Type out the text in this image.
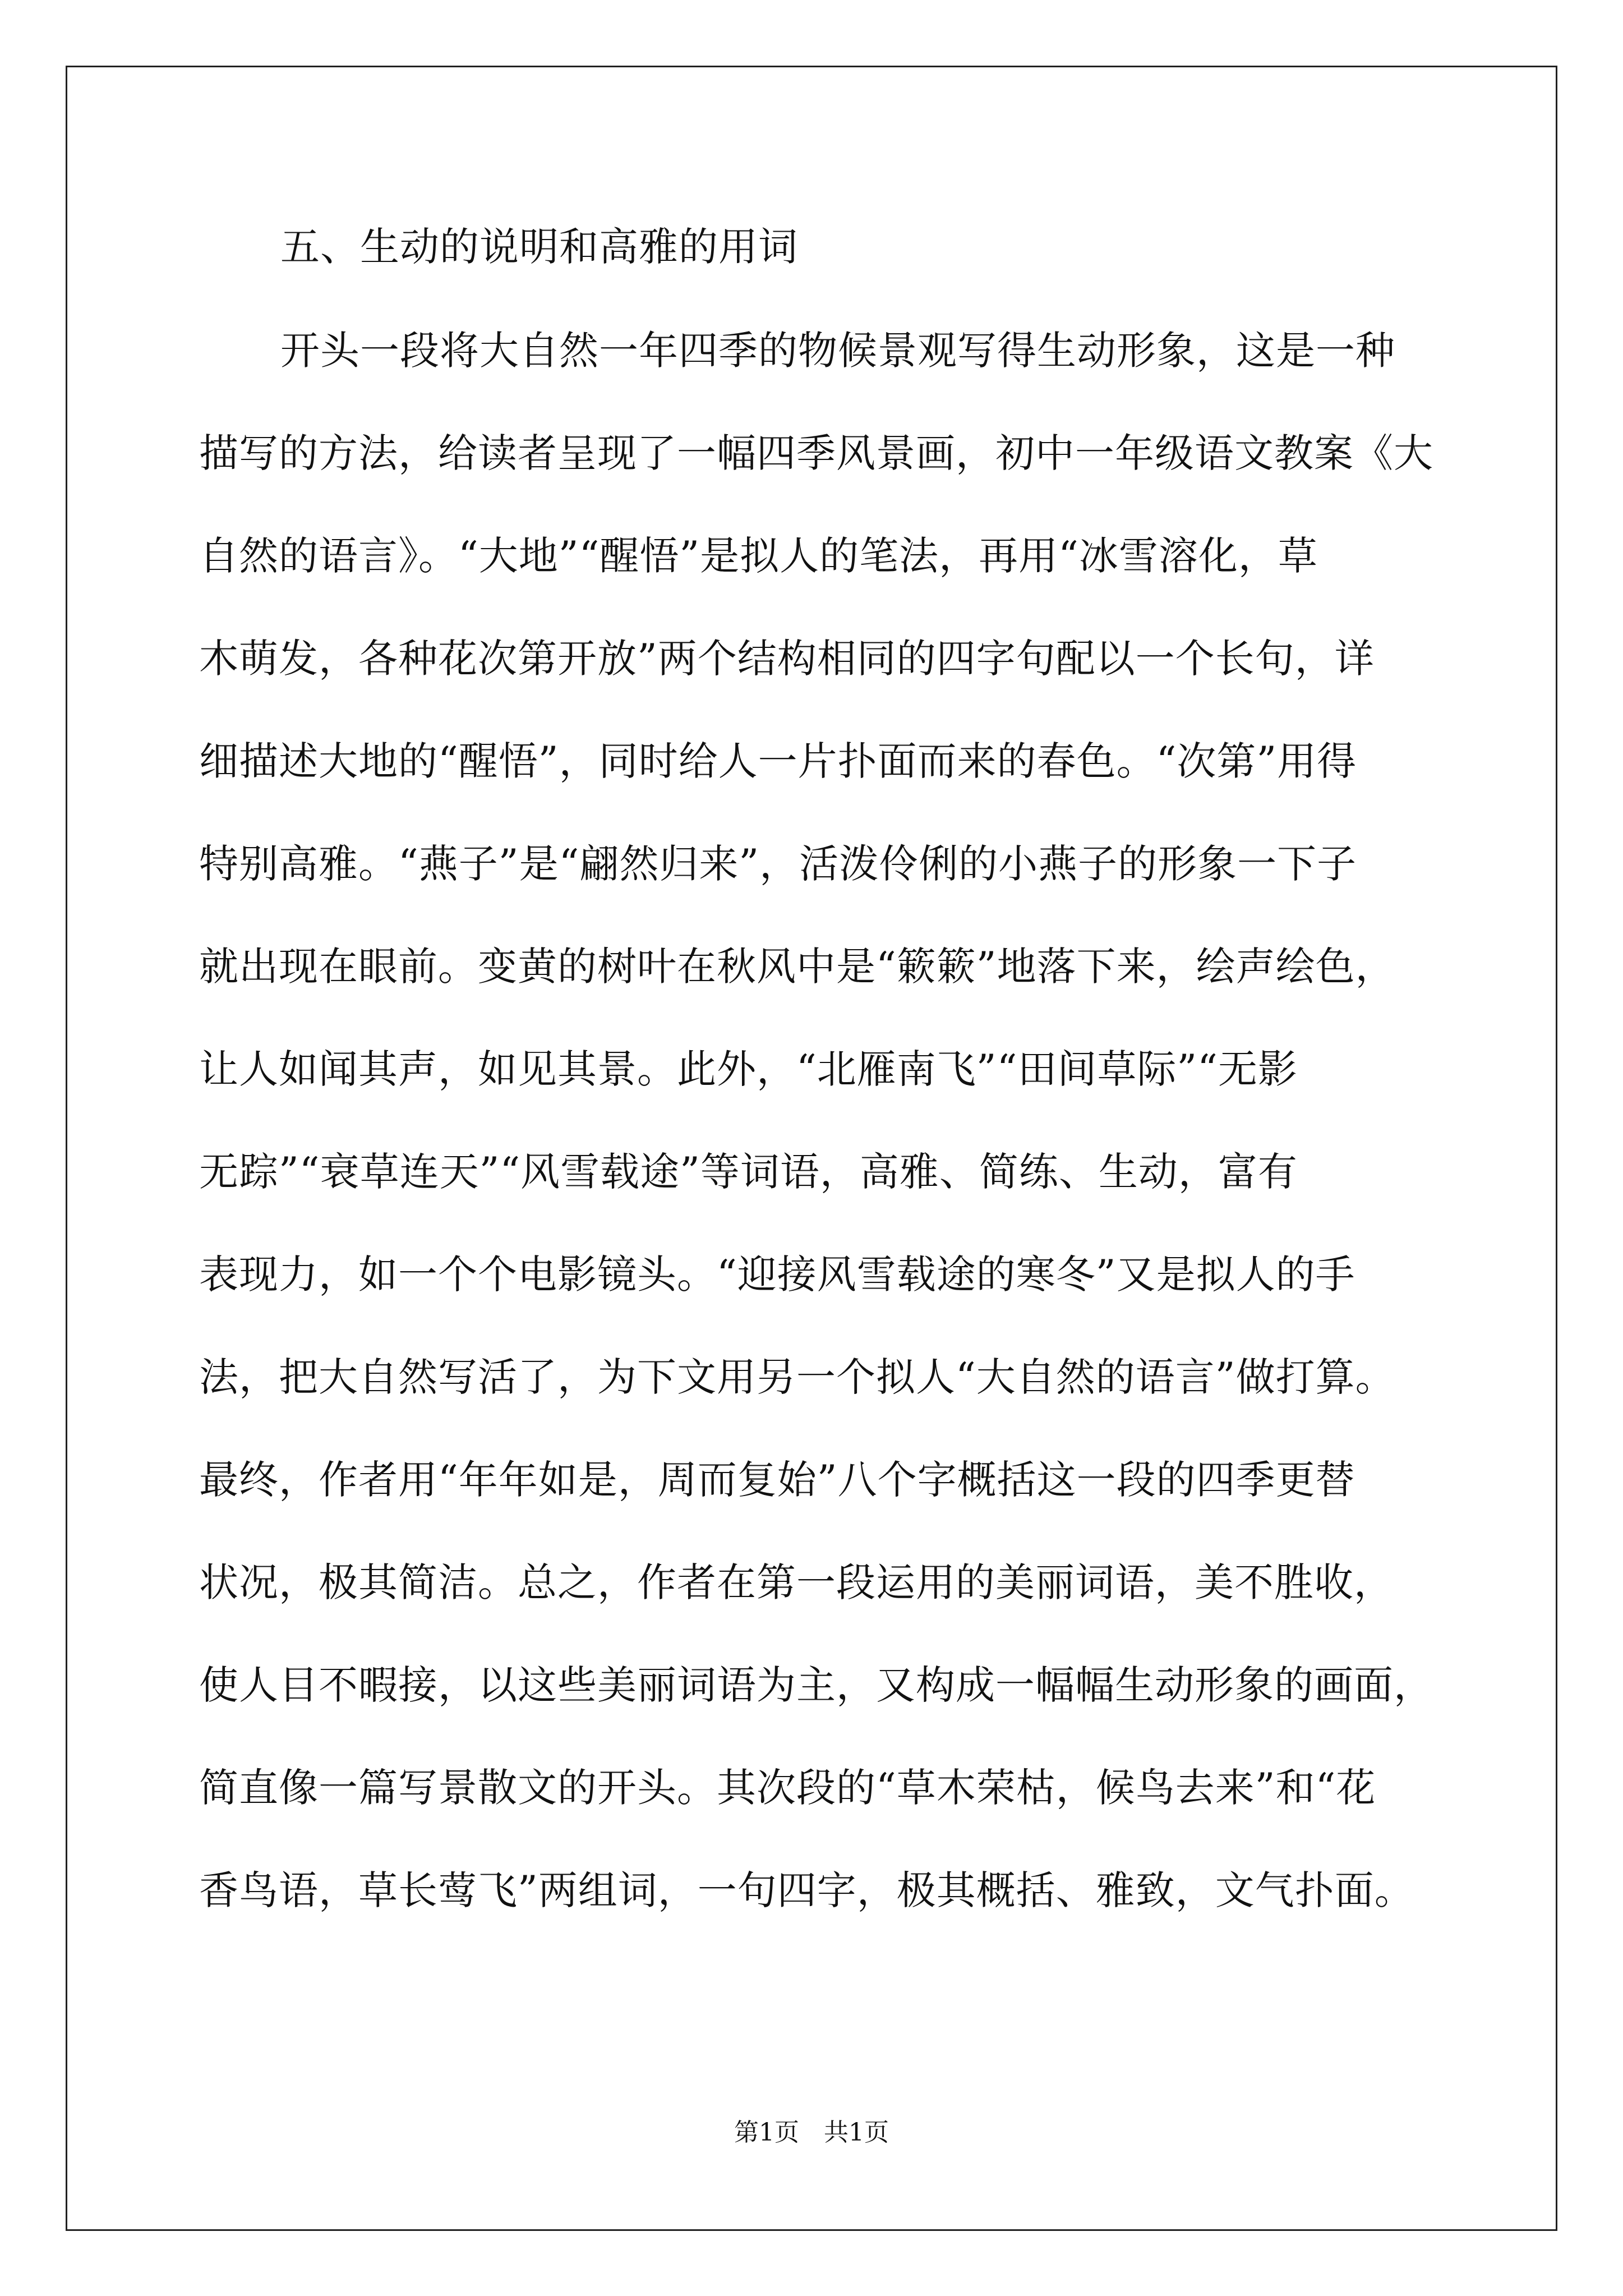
五、生动的说明和高雅的用词
开头一段将大自然一年四季的物候景观写得生动形象，这是一种
描写的方法，给读者呈现了一幅四季风景画，初中一年级语文教案《大
自然的语言》。“大地”“醒悟”是拟人的笔法，再用“冰雪溶化，草
木萌发，各种花次第开放”两个结构相同的四字句配以一个长句，详
细描述大地的“醒悟”，同时给人一片扑面而来的春色。“次第”用得
特别高雅。“燕子”是“翩然归来”，活泼伶俐的小燕子的形象一下子
就出现在眼前。变黄的树叶在秋风中是“簌簌”地落下来，绘声绘色，
让人如闻其声，如见其景。此外，“北雁南飞”“田间草际”“无影
无踪”“衰草连天”“风雪载途”等词语，高雅、简练、生动，富有
表现力，如一个个电影镜头。“迎接风雪载途的寒冬”又是拟人的手
法，把大自然写活了，为下文用另一个拟人“大自然的语言”做打算。
最终，作者用“年年如是，周而复始”八个字概括这一段的四季更替
状况，极其简洁。总之，作者在第一段运用的美丽词语，美不胜收，
使人目不暇接，以这些美丽词语为主，又构成一幅幅生动形象的画面，
简直像一篇写景散文的开头。其次段的“草木荣枯，候鸟去来”和“花
香鸟语，草长莺飞”两组词，一句四字，极其概括、雅致，文气扑面。
第1页　共1页
